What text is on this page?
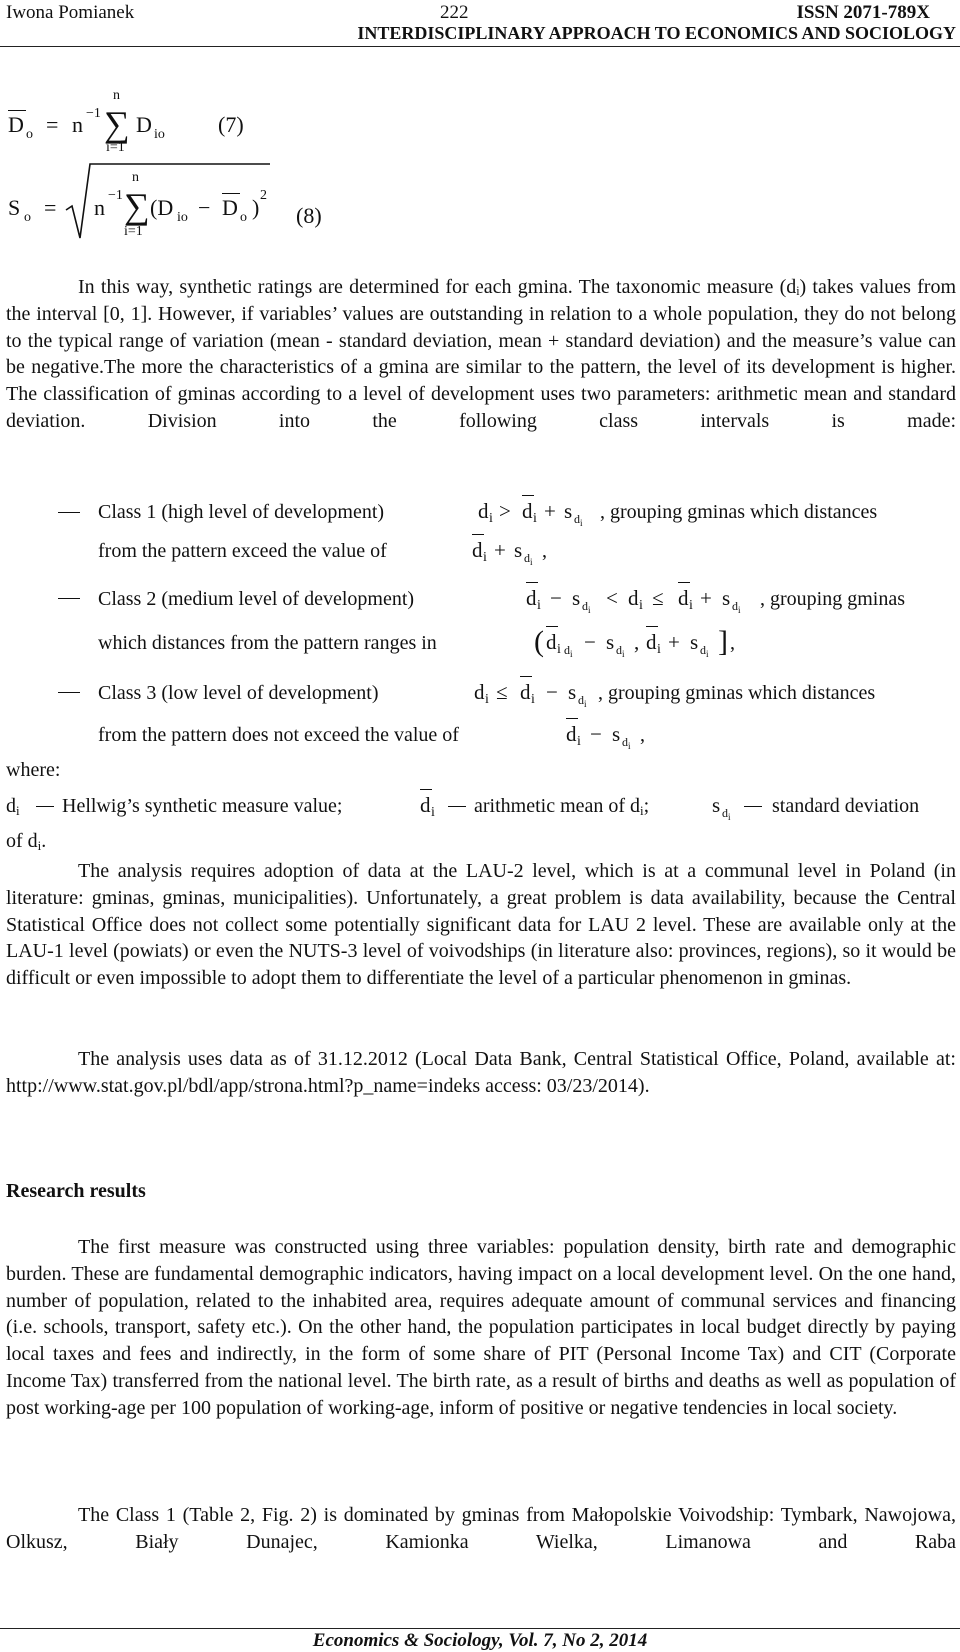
Iwona Pomianek	222	ISSN 2071-789X
INTERDISCIPLINARY APPROACH TO ECONOMICS AND SOCIOLOGY
D o = n −1 ∑
n
i=1
D io (7)
S o = n −1 ∑
n
i=1
(D io − D o ) 2
(8)

In this way, synthetic ratings are determined for each gmina. The taxonomic measure (dᵢ) takes values from the interval [0, 1]. However, if variables’ values are outstanding in relation to a whole population, they do not belong to the typical range of variation (mean - standard deviation, mean + standard deviation) and the measure’s value can be negative.The more the characteristics of a gmina are similar to the pattern, the level of its development is higher. The classification of gminas according to a level of development uses two parameters: arithmetic mean and standard deviation. Division into the following class intervals is made:

Class 1 (high level of development)	d i > d i + s $d_i$ , grouping gminas which distances
from the pattern exceed the value of	d i + s $d_i$ ,
Class 2 (medium level of development)	d i − s $d_i < d$ i ≤ d i + s $d_i$ , grouping gminas
which distances from the pattern ranges in	( d i $d_i - s$ $d_i$ , d i + s $d_i$ ] ,
Class 3 (low level of development)	d i ≤ d i − s $d_i$ , grouping gminas which distances
from the pattern does not exceed the value of	d i − s $d_i$ ,
where:
$d_i$ Hellwig’s synthetic measure value;	d i arithmetic mean of $d_i$;	s $d_i$ standard deviation
of $d_i$.

The analysis requires adoption of data at the LAU-2 level, which is at a communal level in Poland (in literature: gminas, gminas, municipalities). Unfortunately, a great problem is data availability, because the Central Statistical Office does not collect some potentially significant data for LAU 2 level. These are available only at the LAU-1 level (powiats) or even the NUTS-3 level of voivodships (in literature also: provinces, regions), so it would be difficult or even impossible to adopt them to differentiate the level of a particular phenomenon in gminas.

The analysis uses data as of 31.12.2012 (Local Data Bank, Central Statistical Office, Poland, available at: http://www.stat.gov.pl/bdl/app/strona.html?p_name=indeks access: 03/23/2014).

Research results

The first measure was constructed using three variables: population density, birth rate and demographic burden. These are fundamental demographic indicators, having impact on a local development level. On the one hand, number of population, related to the inhabited area, requires adequate amount of communal services and financing (i.e. schools, transport, safety etc.). On the other hand, the population participates in local budget directly by paying local taxes and fees and indirectly, in the form of some share of PIT (Personal Income Tax) and CIT (Corporate Income Tax) transferred from the national level. The birth rate, as a result of births and deaths as well as population of post working-age per 100 population of working-age, inform of positive or negative tendencies in local society.

The Class 1 (Table 2, Fig. 2) is dominated by gminas from Małopolskie Voivodship: Tymbark, Nawojowa, Olkusz, Biały Dunajec, Kamionka Wielka, Limanowa and Raba

Economics & Sociology, Vol. 7, No 2, 2014
